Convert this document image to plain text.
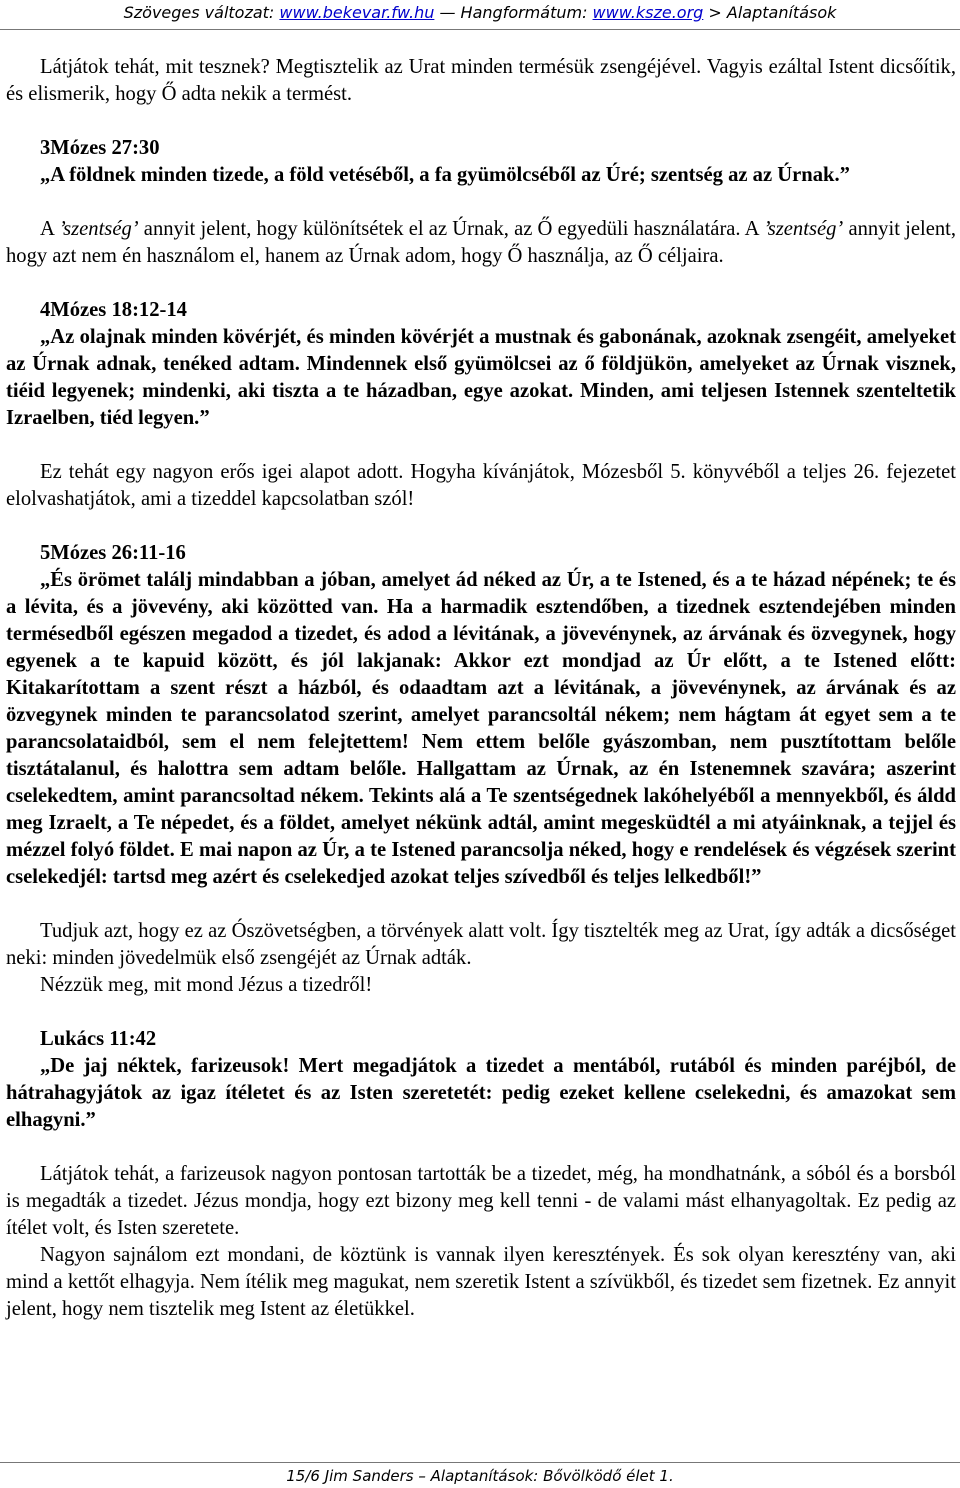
Szöveges változat: www.bekevar.fw.hu — Hangformátum: www.ksze.org > Alaptanítások

Látjátok tehát, mit tesznek? Megtisztelik az Urat minden termésük zsengéjével. Vagyis ezáltal Istent dicsőítik, és elismerik, hogy Ő adta nekik a termést.

3Mózes 27:30

„A földnek minden tizede, a föld vetéséből, a fa gyümölcséből az Úré; szentség az az Úrnak.”

A ’szentség’ annyit jelent, hogy különítsétek el az Úrnak, az Ő egyedüli használatára. A ’szentség’ annyit jelent, hogy azt nem én használom el, hanem az Úrnak adom, hogy Ő használja, az Ő céljaira.

4Mózes 18:12-14

„Az olajnak minden kövérjét, és minden kövérjét a mustnak és gabonának, azoknak zsengéit, amelyeket az Úrnak adnak, tenéked adtam. Mindennek első gyümölcsei az ő földjükön, amelyeket az Úrnak visznek, tiéid legyenek; mindenki, aki tiszta a te házadban, egye azokat. Minden, ami teljesen Istennek szenteltetik Izraelben, tiéd legyen.”

Ez tehát egy nagyon erős igei alapot adott. Hogyha kívánjátok, Mózesből 5. könyvéből a teljes 26. fejezetet elolvashatjátok, ami a tizeddel kapcsolatban szól!

5Mózes 26:11-16

„És örömet találj mindabban a jóban, amelyet ád néked az Úr, a te Istened, és a te házad népének; te és a lévita, és a jövevény, aki közötted van. Ha a harmadik esztendőben, a tizednek esztendejében minden termésedből egészen megadod a tizedet, és adod a lévitának, a jövevénynek, az árvának és özvegynek, hogy egyenek a te kapuid között, és jól lakjanak: Akkor ezt mondjad az Úr előtt, a te Istened előtt: Kitakarítottam a szent részt a házból, és odaadtam azt a lévitának, a jövevénynek, az árvának és az özvegynek minden te parancsolatod szerint, amelyet parancsoltál nékem; nem hágtam át egyet sem a te parancsolataidból, sem el nem felejtettem! Nem ettem belőle gyászomban, nem pusztítottam belőle tisztátalanul, és halottra sem adtam belőle. Hallgattam az Úrnak, az én Istenemnek szavára; aszerint cselekedtem, amint parancsoltad nékem. Tekints alá a Te szentségednek lakóhelyéből a mennyekből, és áldd meg Izraelt, a Te népedet, és a földet, amelyet nékünk adtál, amint megesküdtél a mi atyáinknak, a tejjel és mézzel folyó földet. E mai napon az Úr, a te Istened parancsolja néked, hogy e rendelések és végzések szerint cselekedjél: tartsd meg azért és cselekedjed azokat teljes szívedből és teljes lelkedből!”

Tudjuk azt, hogy ez az Ószövetségben, a törvények alatt volt. Így tisztelték meg az Urat, így adták a dicsőséget neki: minden jövedelmük első zsengéjét az Úrnak adták.

Nézzük meg, mit mond Jézus a tizedről!

Lukács 11:42

„De jaj néktek, farizeusok! Mert megadjátok a tizedet a mentából, rutából és minden paréjból, de hátrahagyjátok az igaz ítéletet és az Isten szeretetét: pedig ezeket kellene cselekedni, és amazokat sem elhagyni.”

Látjátok tehát, a farizeusok nagyon pontosan tartották be a tizedet, még, ha mondhatnánk, a sóból és a borsból is megadták a tizedet. Jézus mondja, hogy ezt bizony meg kell tenni - de valami mást elhanyagoltak. Ez pedig az ítélet volt, és Isten szeretete.

Nagyon sajnálom ezt mondani, de köztünk is vannak ilyen keresztények. És sok olyan keresztény van, aki mind a kettőt elhagyja. Nem ítélik meg magukat, nem szeretik Istent a szívükből, és tizedet sem fizetnek. Ez annyit jelent, hogy nem tisztelik meg Istent az életükkel.

15/6 Jim Sanders – Alaptanítások: Bővölködő élet 1.
